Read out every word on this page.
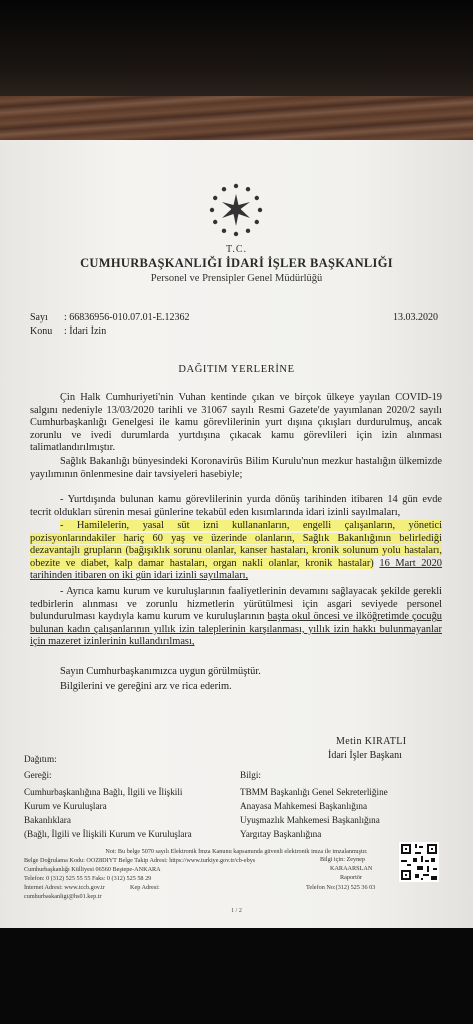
T.C.
CUMHURBAŞKANLIĞI İDARİ İŞLER BAŞKANLIĞI
Personel ve Prensipler Genel Müdürlüğü
Sayı : 66836956-010.07.01-E.12362	13.03.2020
Konu : İdari İzin
DAĞITIM YERLERİNE
Çin Halk Cumhuriyeti'nin Vuhan kentinde çıkan ve birçok ülkeye yayılan COVID-19 salgını nedeniyle 13/03/2020 tarihli ve 31067 sayılı Resmi Gazete'de yayımlanan 2020/2 sayılı Cumhurbaşkanlığı Genelgesi ile kamu görevlilerinin yurt dışına çıkışları durdurulmuş, ancak zorunlu ve ivedi durumlarda yurtdışına çıkacak kamu görevlileri için izin alınması talimatlandırılmıştır.
Sağlık Bakanlığı bünyesindeki Koronavirüs Bilim Kurulu'nun mezkur hastalığın ülkemizde yayılımının önlenmesine dair tavsiyeleri hasebiyle;
- Yurtdışında bulunan kamu görevlilerinin yurda dönüş tarihinden itibaren 14 gün evde tecrit oldukları sürenin mesai günlerine tekabül eden kısımlarında idari izinli sayılmaları,
- Hamilelerin, yasal süt izni kullananların, engelli çalışanların, yönetici pozisyonlarındakiler hariç 60 yaş ve üzerinde olanların, Sağlık Bakanlığının belirlediği dezavantajlı grupların (bağışıklık sorunu olanlar, kanser hastaları, kronik solunum yolu hastaları, obezite ve diabet, kalp damar hastaları, organ nakli olanlar, kronik hastalar) 16 Mart 2020 tarihinden itibaren on iki gün idari izinli sayılmaları,
- Ayrıca kamu kurum ve kuruluşlarının faaliyetlerinin devamını sağlayacak şekilde gerekli tedbirlerin alınması ve zorunlu hizmetlerin yürütülmesi için asgari seviyede personel bulundurulması kaydıyla kamu kurum ve kuruluşlarının başta okul öncesi ve ilköğretimde çocuğu bulunan kadın çalışanlarının yıllık izin taleplerinin karşılanması, yıllık izin hakkı bulunmayanlar için mazeret izinlerinin kullandırılması,
Sayın Cumhurbaşkanımızca uygun görülmüştür.
Bilgilerini ve gereğini arz ve rica ederim.
Metin KIRATLI
İdari İşler Başkanı
Dağıtım:
Gereği:
Cumhurbaşkanlığına Bağlı, İlgili ve İlişkili
Kurum ve Kuruluşlara
Bakanlıklara
(Bağlı, İlgili ve İlişkili Kurum ve Kuruluşlara
Bilgi:
TBMM Başkanlığı Genel Sekreterliğine
Anayasa Mahkemesi Başkanlığına
Uyuşmazlık Mahkemesi Başkanlığına
Yargıtay Başkanlığına
Not: Bu belge 5070 sayılı Elektronik İmza Kanunu kapsamında güvenli elektronik imza ile imzalanmıştır.
Belge Doğrulama Kodu: OOZ8DIYT Belge Takip Adresi: https://www.turkiye.gov.tr/cb-ebys
Cumhurbaşkanlığı Külliyesi 06560 Beştepe-ANKARA
Telefon: 0 (312) 525 55 55 Faks: 0 (312) 525 58 29
İnternet Adresi: www.tccb.gov.tr	Kep Adresi:
cumhurbaskanligi@hs01.kep.tr
Bilgi için: Zeynep
KARAARSLAN
Raportör
Telefon No:(312) 525 36 03
1 / 2
